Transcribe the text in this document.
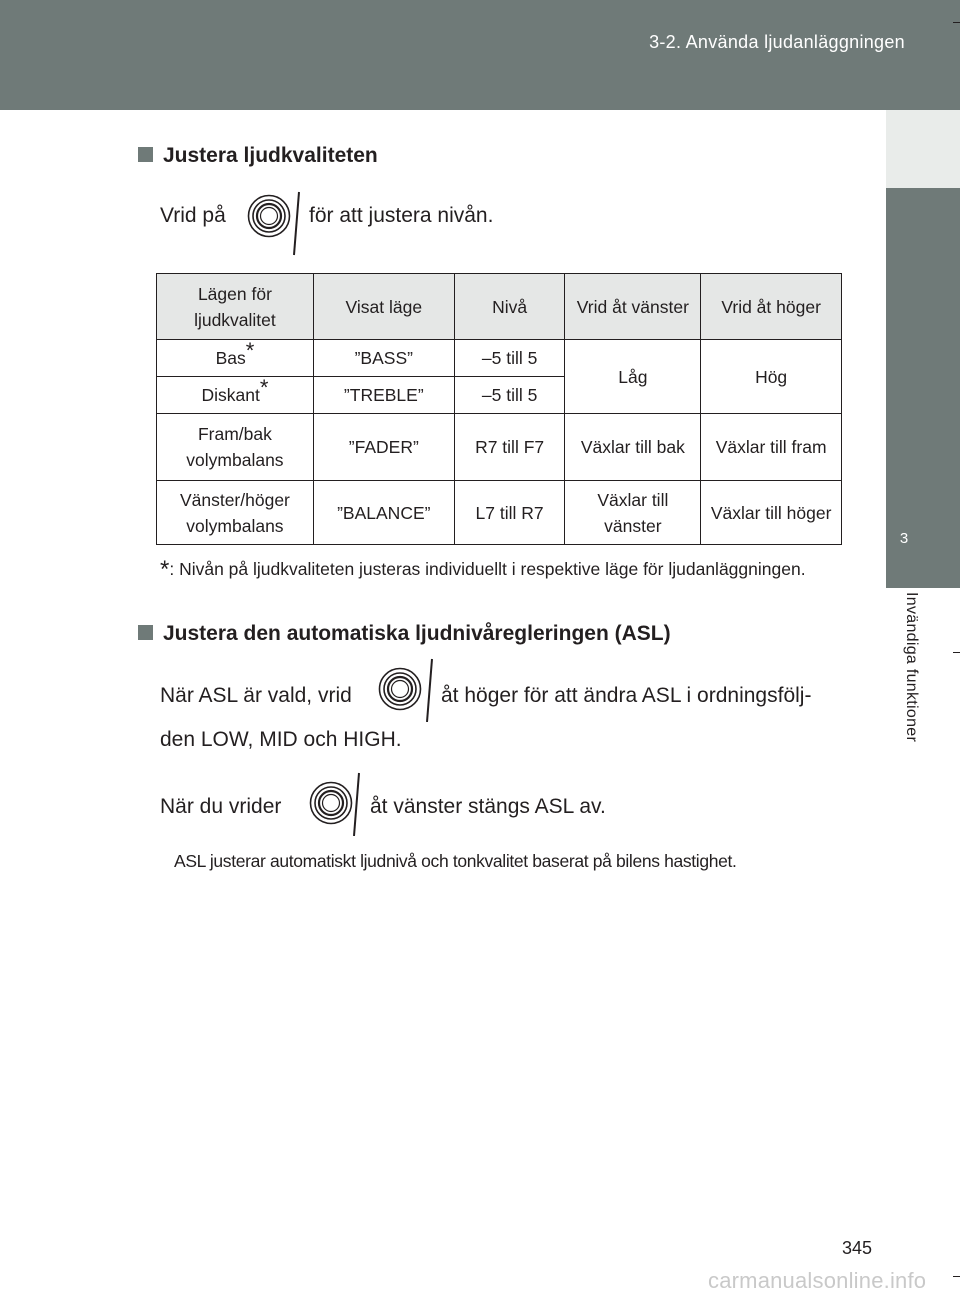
3-2. Använda ljudanläggningen
3
Invändiga funktioner
Justera ljudkvaliteten
Vrid på	för att justera nivån.
Lägen för ljudkvalitet	Visat läge	Nivå	Vrid åt vänster	Vrid åt höger
Bas*	”BASS”	–5 till 5	Låg	Hög
Diskant*	”TREBLE”	–5 till 5		
Fram/bak volymbalans	”FADER”	R7 till F7	Växlar till bak	Växlar till fram
Vänster/höger volymbalans	”BALANCE”	L7 till R7	Växlar till vänster	Växlar till höger
*: Nivån på ljudkvaliteten justeras individuellt i respektive läge för ljudanläggningen.
Justera den automatiska ljudnivåregleringen (ASL)
När ASL är vald, vrid	åt höger för att ändra ASL i ordningsfölj-
den LOW, MID och HIGH.
När du vrider	åt vänster stängs ASL av.
ASL justerar automatiskt ljudnivå och tonkvalitet baserat på bilens hastighet.
345
carmanualsonline.info
